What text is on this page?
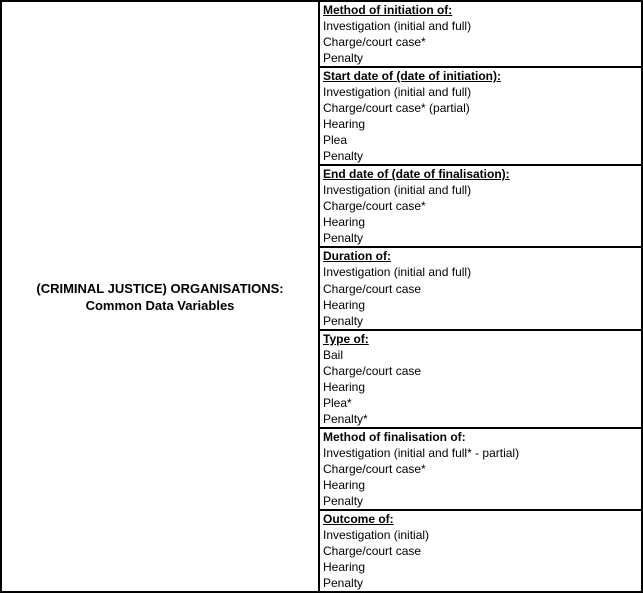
(CRIMINAL JUSTICE) ORGANISATIONS:
Common Data Variables
Method of initiation of:
Investigation (initial and full)
Charge/court case*
Penalty
Start date of (date of initiation):
Investigation (initial and full)
Charge/court case* (partial)
Hearing
Plea
Penalty
End date of (date of finalisation):
Investigation (initial and full)
Charge/court case*
Hearing
Penalty
Duration of:
Investigation (initial and full)
Charge/court case
Hearing
Penalty
Type of:
Bail
Charge/court case
Hearing
Plea*
Penalty*
Method of finalisation of:
Investigation (initial and full* - partial)
Charge/court case*
Hearing
Penalty
Outcome of:
Investigation (initial)
Charge/court case
Hearing
Penalty
